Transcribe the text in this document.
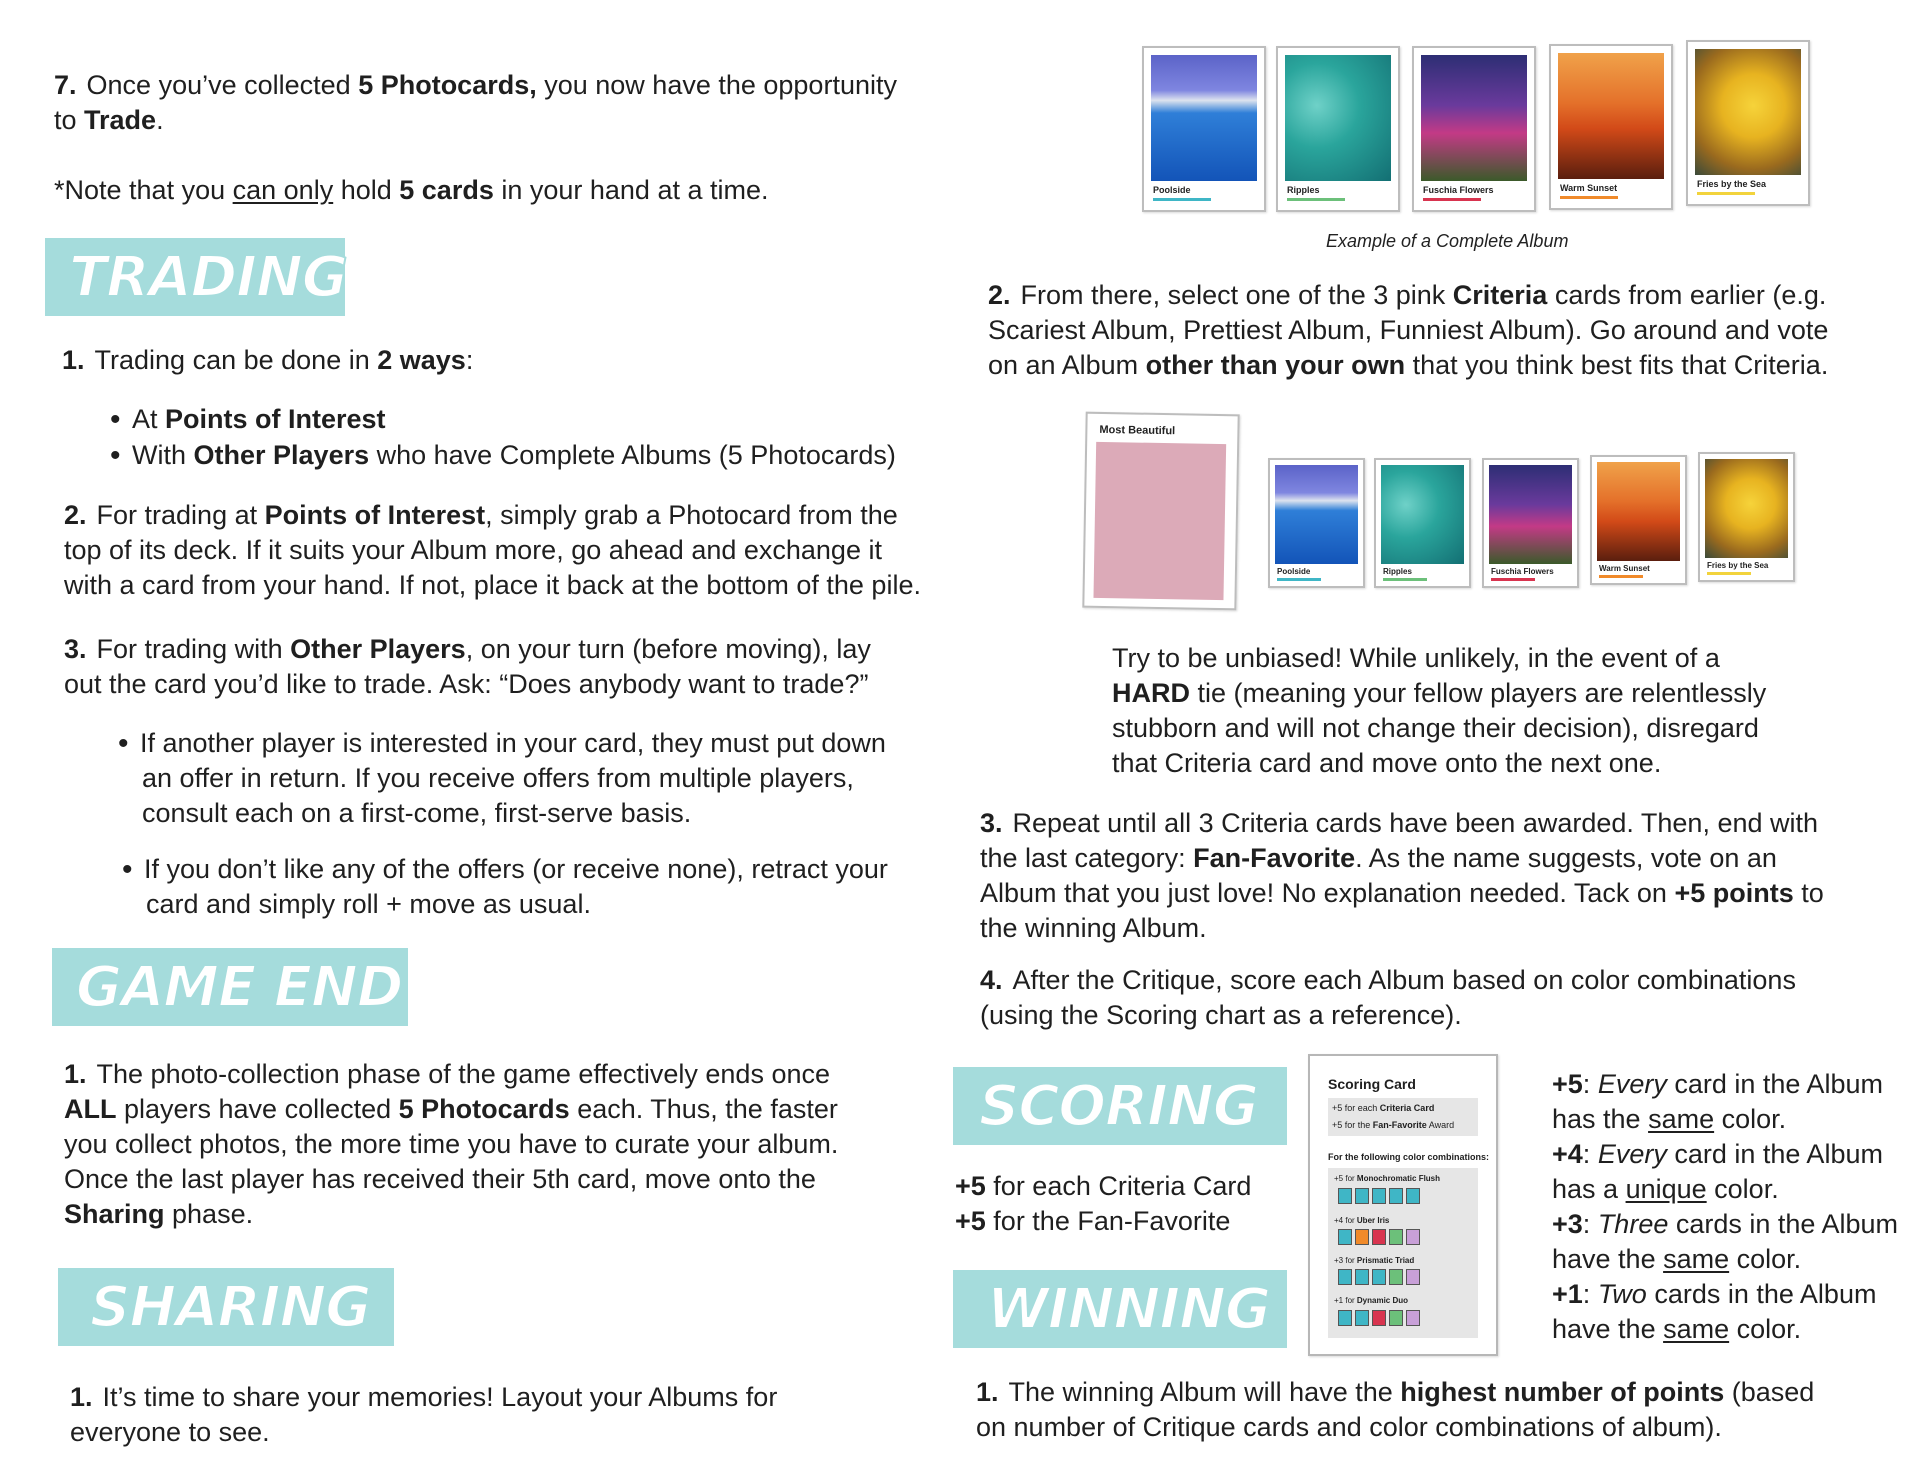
7. Once you’ve collected 5 Photocards, you now have the opportunity
to Trade.
*Note that you can only hold 5 cards in your hand at a time.
TRADING
1. Trading can be done in 2 ways:
• At Points of Interest
• With Other Players who have Complete Albums (5 Photocards)
2. For trading at Points of Interest, simply grab a Photocard from the
top of its deck. If it suits your Album more, go ahead and exchange it
with a card from your hand. If not, place it back at the bottom of the pile.
3. For trading with Other Players, on your turn (before moving), lay
out the card you’d like to trade. Ask: “Does anybody want to trade?”
• If another player is interested in your card, they must put down
an offer in return. If you receive offers from multiple players,
consult each on a first-come, first-serve basis.
• If you don’t like any of the offers (or receive none), retract your
card and simply roll + move as usual.
GAME END
1. The photo-collection phase of the game effectively ends once
ALL players have collected 5 Photocards each. Thus, the faster
you collect photos, the more time you have to curate your album.
Once the last player has received their 5th card, move onto the
Sharing phase.
SHARING
1. It’s time to share your memories! Layout your Albums for
everyone to see.
Poolside	Ripples	Fuschia Flowers	Warm Sunset	Fries by the Sea
Example of a Complete Album
2. From there, select one of the 3 pink Criteria cards from earlier (e.g.
Scariest Album, Prettiest Album, Funniest Album). Go around and vote
on an Album other than your own that you think best fits that Criteria.
Most Beautiful
Poolside	Ripples	Fuschia Flowers	Warm Sunset	Fries by the Sea
Try to be unbiased! While unlikely, in the event of a
HARD tie (meaning your fellow players are relentlessly
stubborn and will not change their decision), disregard
that Criteria card and move onto the next one.
3. Repeat until all 3 Criteria cards have been awarded. Then, end with
the last category: Fan-Favorite. As the name suggests, vote on an
Album that you just love! No explanation needed. Tack on +5 points to
the winning Album.
4. After the Critique, score each Album based on color combinations
(using the Scoring chart as a reference).
SCORING
+5 for each Criteria Card
+5 for the Fan-Favorite
WINNING
1. The winning Album will have the highest number of points (based
on number of Critique cards and color combinations of album).
Scoring Card
+5 for each Criteria Card
+5 for the Fan-Favorite Award
For the following color combinations:
+5 for Monochromatic Flush
+4 for Uber Iris
+3 for Prismatic Triad
+1 for Dynamic Duo
+5: Every card in the Album
has the same color.
+4: Every card in the Album
has a unique color.
+3: Three cards in the Album
have the same color.
+1: Two cards in the Album
have the same color.
